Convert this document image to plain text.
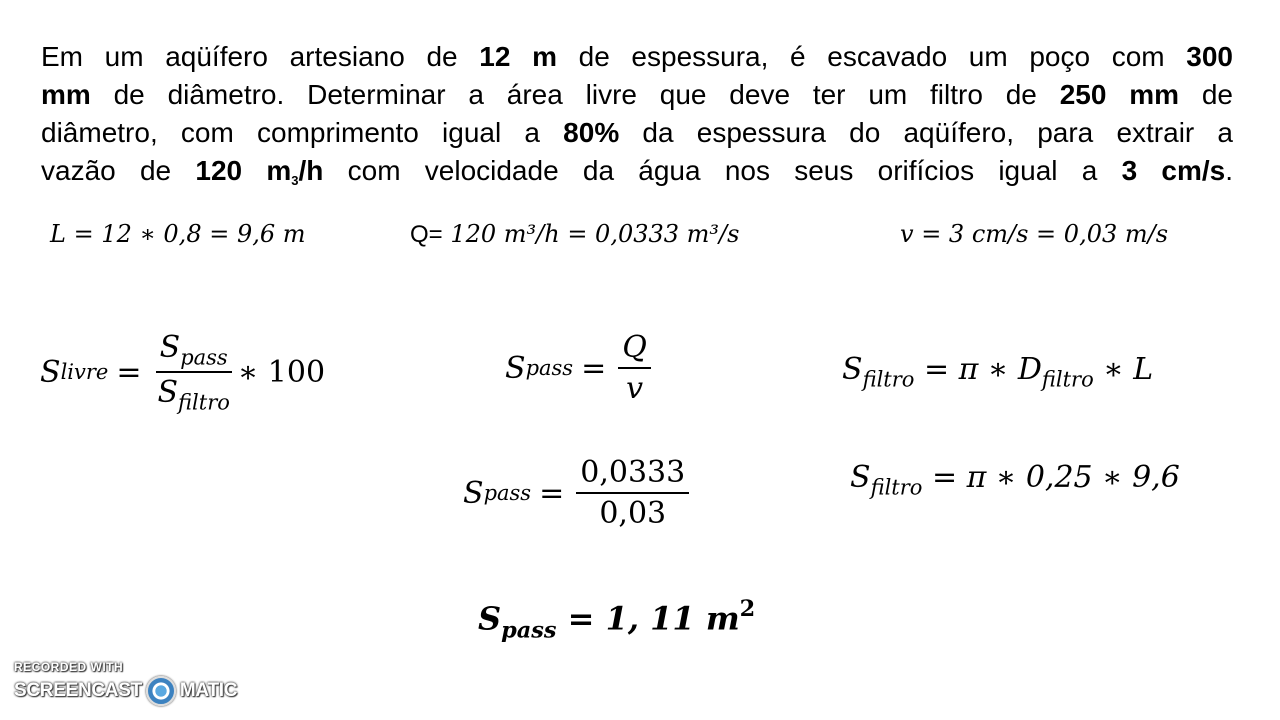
Em um aqüífero artesiano de 12 m de espessura, é escavado um poço com 300
mm de diâmetro. Determinar a área livre que deve ter um filtro de 250 mm de
diâmetro, com comprimento igual a 80% da espessura do aqüífero, para extrair a
vazão de 120 m3/h com velocidade da água nos seus orifícios igual a 3 cm/s.
L = 12 ∗ 0,8 = 9,6 m	Q= 120 m³/h = 0,0333 m³/s	v = 3 cm/s = 0,03 m/s
S livre = $\frac{S_{pass}}{S_{filtro}}$ ∗ 100	S pass = $\frac{Q}{v}$	$S_{filtro} = \pi$ ∗ $D_{filtro}$ ∗ L
S pass = $\frac{0,0333}{0,03}$	$S_{filtro} = \pi$ ∗ 0,25 ∗ 9,6
$S_{pass} = 1$, 11 $m^2$
RECORDED WITH
SCREENCAST MATIC
